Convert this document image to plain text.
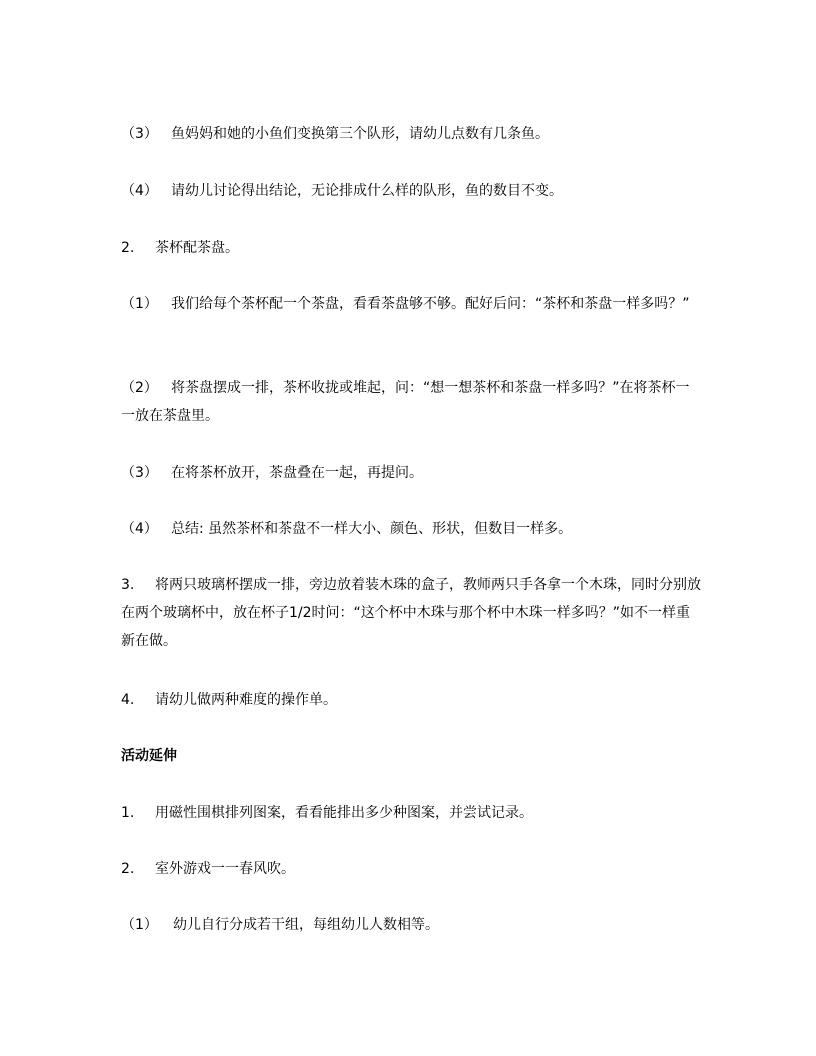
（3） 鱼妈妈和她的小鱼们变换第三个队形，请幼儿点数有几条鱼。
（4） 请幼儿讨论得出结论，无论排成什么样的队形，鱼的数目不变。
2. 茶杯配茶盘。
（1） 我们给每个茶杯配一个茶盘，看看茶盘够不够。配好后问：“茶杯和茶盘一样多吗？”
（2） 将茶盘摆成一排，茶杯收拢或堆起，问：“想一想茶杯和茶盘一样多吗？”在将茶杯一一放在茶盘里。
（3） 在将茶杯放开，茶盘叠在一起，再提问。
（4） 总结: 虽然茶杯和茶盘不一样大小、颜色、形状，但数目一样多。
3. 将两只玻璃杯摆成一排，旁边放着装木珠的盒子，教师两只手各拿一个木珠，同时分别放在两个玻璃杯中，放在杯子1/2时问：“这个杯中木珠与那个杯中木珠一样多吗？”如不一样重新在做。
4. 请幼儿做两种难度的操作单。
活动延伸
1. 用磁性围棋排列图案，看看能排出多少种图案，并尝试记录。
2. 室外游戏一一春风吹。
（1） 幼儿自行分成若干组，每组幼儿人数相等。
